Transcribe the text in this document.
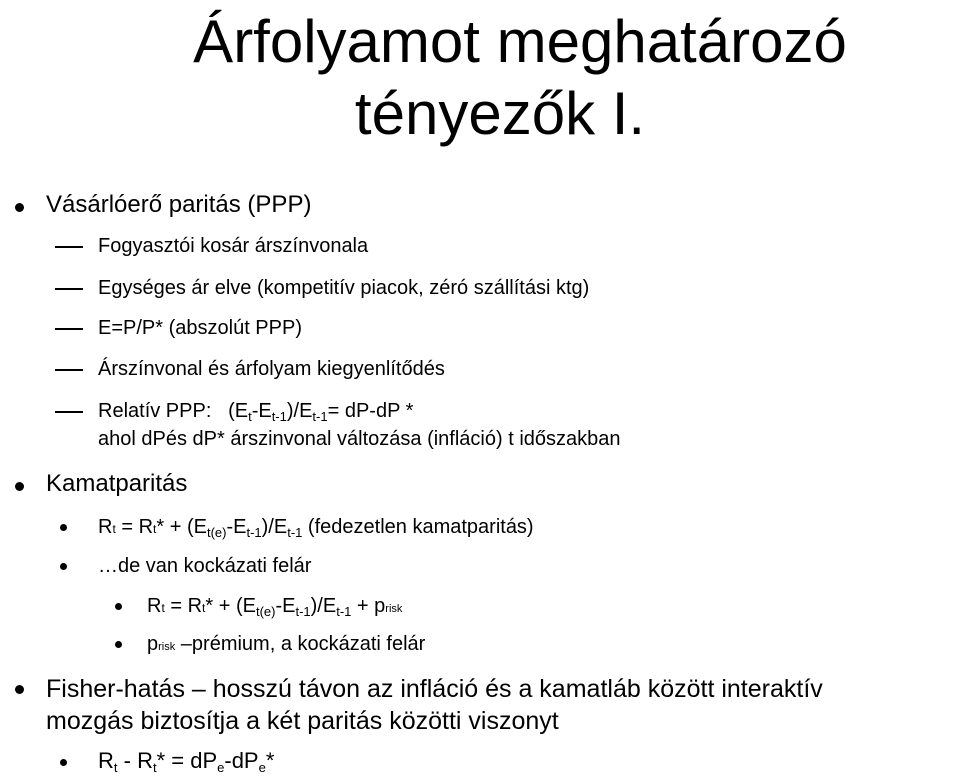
Árfolyamot meghatározó
tényezők I.
Vásárlóerő paritás (PPP)
Fogyasztói kosár árszínvonala
Egységes ár elve (kompetitív piacok, zéró szállítási ktg)
E=P/P* (abszolút PPP)
Árszínvonal és árfolyam kiegyenlítődés
Relatív PPP: $(E_t-E_{t-1})/E_{t-1}= dP-dP$ *
ahol dPés dP* árszinvonal változása (infláció) t időszakban
Kamatparitás
$Rt = Rt* + (E_{t(e)}-E_{t-1})/E_{t-1}$ (fedezetlen kamatparitás)
…de van kockázati felár
$Rt = Rt* + (E_{t(e)}-E_{t-1})/E_{t-1}$ + prisk
prisk –prémium, a kockázati felár
Fisher-hatás – hosszú távon az infláció és a kamatláb között interaktív
mozgás biztosítja a két paritás közötti viszonyt
$R_t - R_t* = dP_e-dP_e*$
